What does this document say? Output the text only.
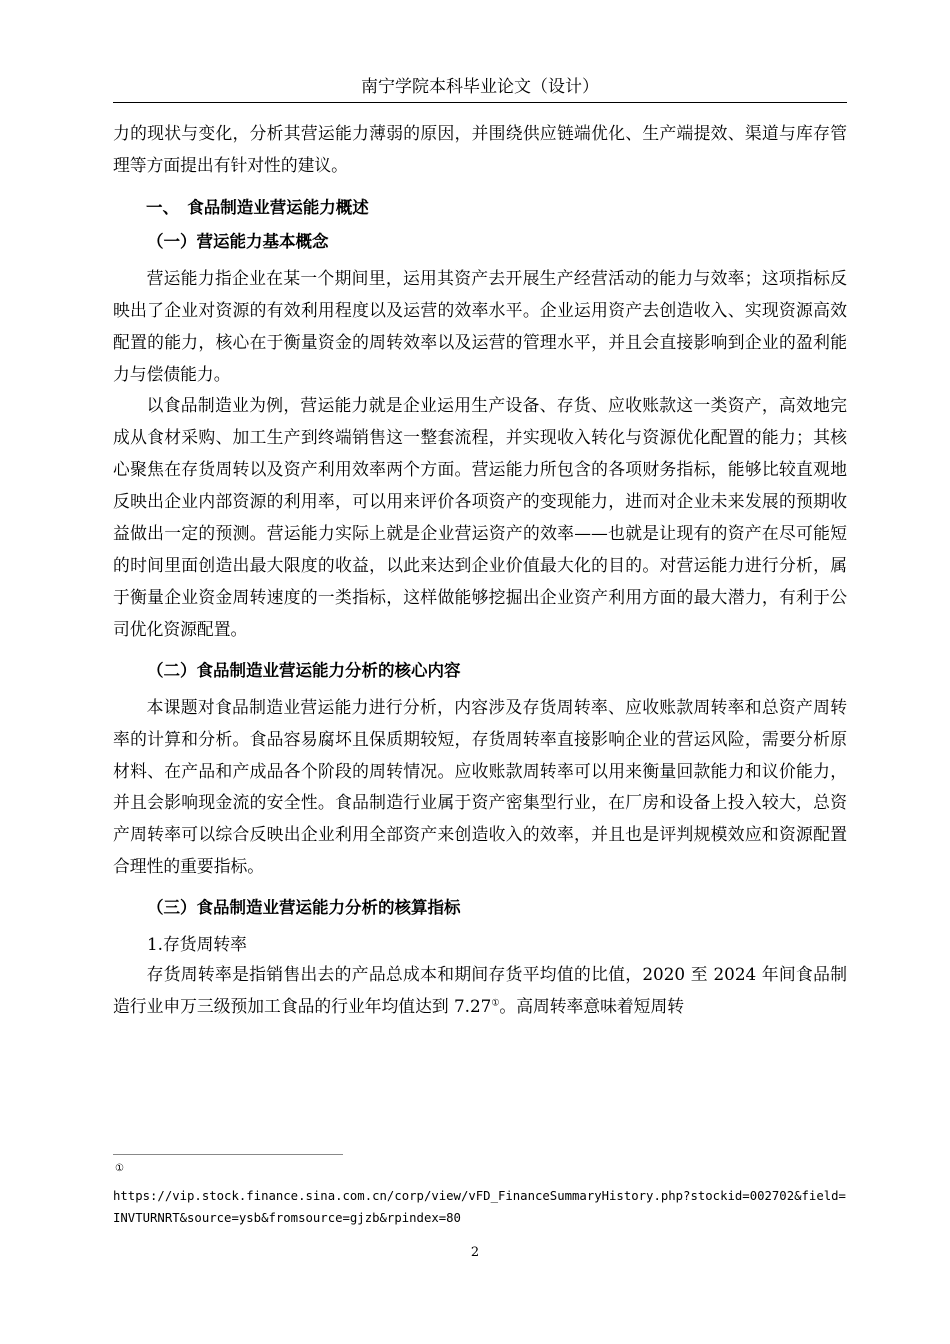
南宁学院本科毕业论文（设计）

力的现状与变化，分析其营运能力薄弱的原因，并围绕供应链端优化、生产端提效、渠道与库存管理等方面提出有针对性的建议。

一、　食品制造业营运能力概述
（一）营运能力基本概念

营运能力指企业在某一个期间里，运用其资产去开展生产经营活动的能力与效率；这项指标反映出了企业对资源的有效利用程度以及运营的效率水平。企业运用资产去创造收入、实现资源高效配置的能力，核心在于衡量资金的周转效率以及运营的管理水平，并且会直接影响到企业的盈利能力与偿债能力。

以食品制造业为例，营运能力就是企业运用生产设备、存货、应收账款这一类资产，高效地完成从食材采购、加工生产到终端销售这一整套流程，并实现收入转化与资源优化配置的能力；其核心聚焦在存货周转以及资产利用效率两个方面。营运能力所包含的各项财务指标，能够比较直观地反映出企业内部资源的利用率，可以用来评价各项资产的变现能力，进而对企业未来发展的预期收益做出一定的预测。营运能力实际上就是企业营运资产的效率——也就是让现有的资产在尽可能短的时间里面创造出最大限度的收益，以此来达到企业价值最大化的目的。对营运能力进行分析，属于衡量企业资金周转速度的一类指标，这样做能够挖掘出企业资产利用方面的最大潜力，有利于公司优化资源配置。

（二）食品制造业营运能力分析的核心内容

本课题对食品制造业营运能力进行分析，内容涉及存货周转率、应收账款周转率和总资产周转率的计算和分析。食品容易腐坏且保质期较短，存货周转率直接影响企业的营运风险，需要分析原材料、在产品和产成品各个阶段的周转情况。应收账款周转率可以用来衡量回款能力和议价能力，并且会影响现金流的安全性。食品制造行业属于资产密集型行业，在厂房和设备上投入较大，总资产周转率可以综合反映出企业利用全部资产来创造收入的效率，并且也是评判规模效应和资源配置合理性的重要指标。

（三）食品制造业营运能力分析的核算指标
1.存货周转率

存货周转率是指销售出去的产品总成本和期间存货平均值的比值，2020 至 2024 年间食品制造行业申万三级预加工食品的行业年均值达到 7.27①。高周转率意味着短周转

①
https://vip.stock.finance.sina.com.cn/corp/view/vFD_FinanceSummaryHistory.php?stockid=002702&field=INVTURNRT&source=ysb&fromsource=gjzb&rpindex=80
2
